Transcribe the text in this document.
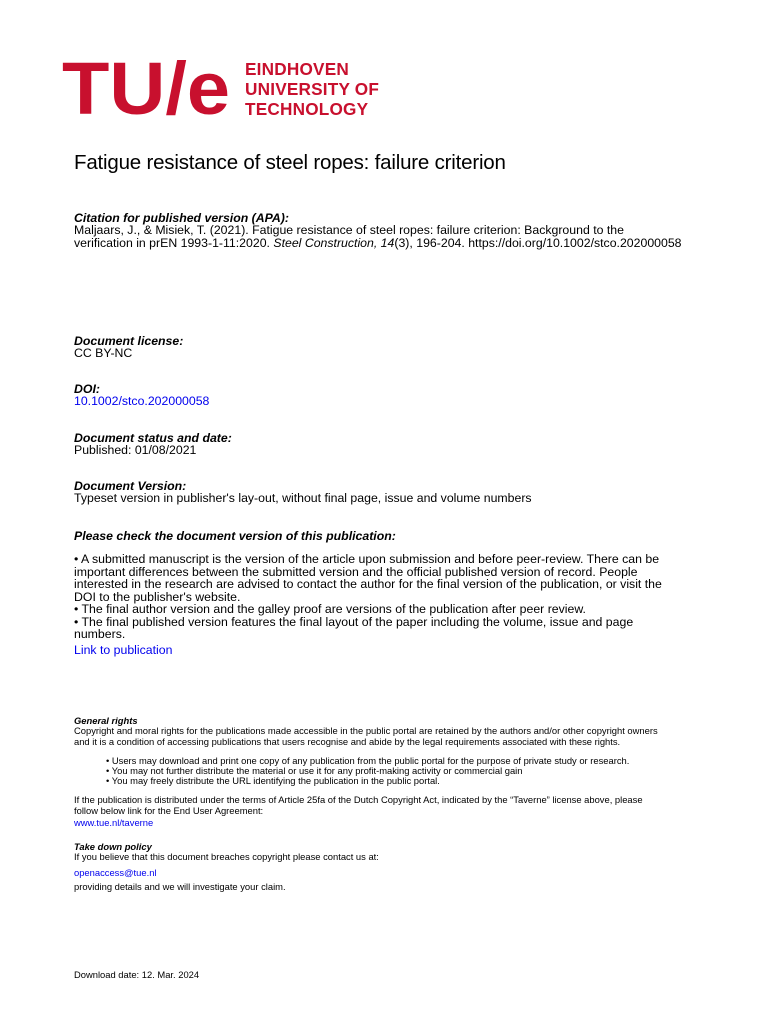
TU/e EINDHOVEN
UNIVERSITY OF
TECHNOLOGY
Fatigue resistance of steel ropes: failure criterion
Citation for published version (APA):
Maljaars, J., & Misiek, T. (2021). Fatigue resistance of steel ropes: failure criterion: Background to the
verification in prEN 1993-1-11:2020. Steel Construction, 14(3), 196-204. https://doi.org/10.1002/stco.202000058
Document license:
CC BY-NC
DOI:
10.1002/stco.202000058
Document status and date:
Published: 01/08/2021
Document Version:
Typeset version in publisher's lay-out, without final page, issue and volume numbers
Please check the document version of this publication:
• A submitted manuscript is the version of the article upon submission and before peer-review. There can be
important differences between the submitted version and the official published version of record. People
interested in the research are advised to contact the author for the final version of the publication, or visit the
DOI to the publisher's website.
• The final author version and the galley proof are versions of the publication after peer review.
• The final published version features the final layout of the paper including the volume, issue and page
numbers.
Link to publication
General rights
Copyright and moral rights for the publications made accessible in the public portal are retained by the authors and/or other copyright owners
and it is a condition of accessing publications that users recognise and abide by the legal requirements associated with these rights.
• Users may download and print one copy of any publication from the public portal for the purpose of private study or research.
• You may not further distribute the material or use it for any profit-making activity or commercial gain
• You may freely distribute the URL identifying the publication in the public portal.
If the publication is distributed under the terms of Article 25fa of the Dutch Copyright Act, indicated by the “Taverne” license above, please
follow below link for the End User Agreement:
www.tue.nl/taverne
Take down policy
If you believe that this document breaches copyright please contact us at:
openaccess@tue.nl
providing details and we will investigate your claim.
Download date: 12. Mar. 2024
